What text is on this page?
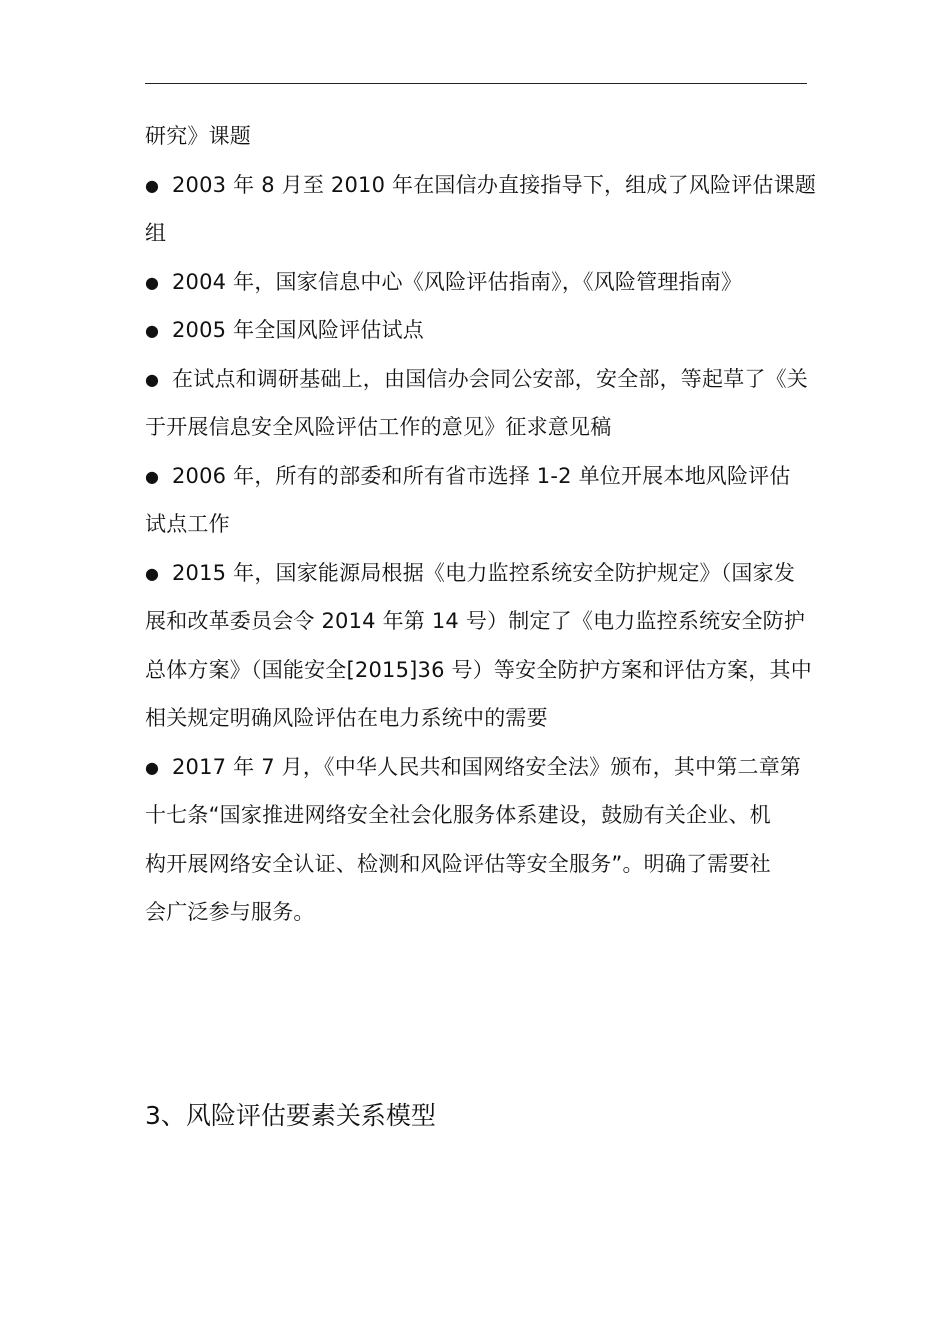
研究》课题
● 2003 年 8 月至 2010 年在国信办直接指导下，组成了风险评估课题
组
● 2004 年，国家信息中心《风险评估指南》，《风险管理指南》
● 2005 年全国风险评估试点
● 在试点和调研基础上，由国信办会同公安部，安全部，等起草了《关
于开展信息安全风险评估工作的意见》征求意见稿
● 2006 年，所有的部委和所有省市选择 1-2 单位开展本地风险评估
试点工作
● 2015 年，国家能源局根据《电力监控系统安全防护规定》（国家发
展和改革委员会令 2014 年第 14 号）制定了《电力监控系统安全防护
总体方案》（国能安全[2015]36 号）等安全防护方案和评估方案，其中
相关规定明确风险评估在电力系统中的需要
● 2017 年 7 月，《中华人民共和国网络安全法》颁布，其中第二章第
十七条“国家推进网络安全社会化服务体系建设，鼓励有关企业、机
构开展网络安全认证、检测和风险评估等安全服务”。明确了需要社
会广泛参与服务。
3、风险评估要素关系模型
